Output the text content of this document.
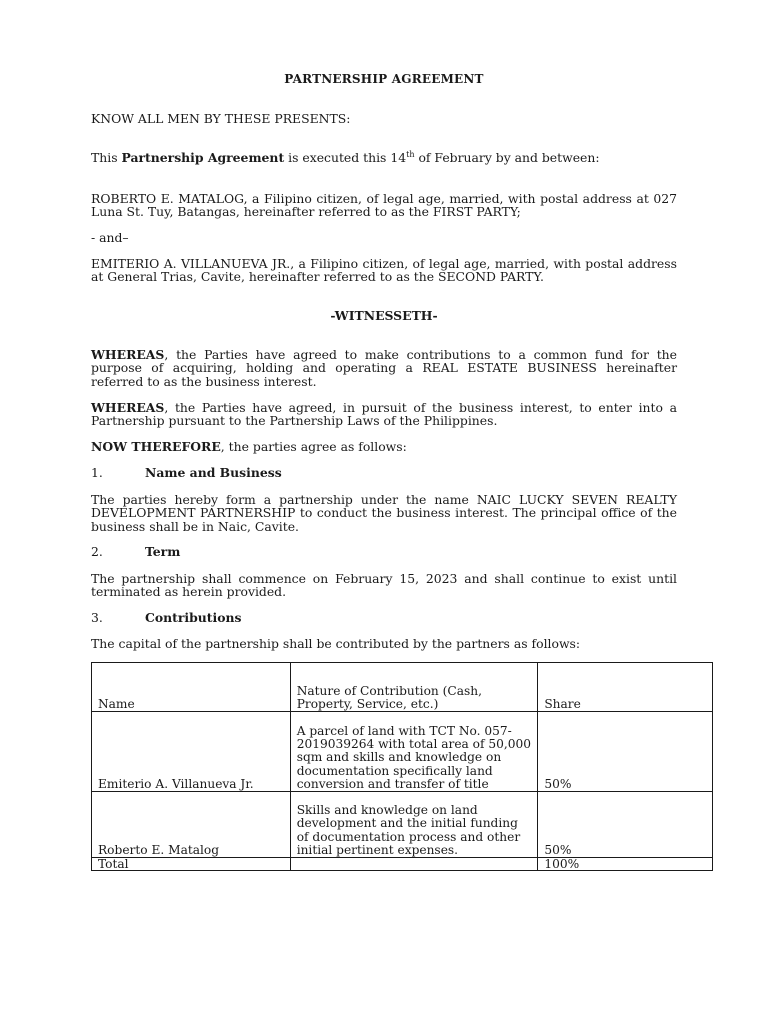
PARTNERSHIP AGREEMENT
KNOW ALL MEN BY THESE PRESENTS:
This Partnership Agreement is executed this 14th of February by and between:
ROBERTO E. MATALOG, a Filipino citizen, of legal age, married, with postal address at 027 Luna St. Tuy, Batangas, hereinafter referred to as the FIRST PARTY;
- and–
EMITERIO A. VILLANUEVA JR., a Filipino citizen, of legal age, married, with postal address at General Trias, Cavite, hereinafter referred to as the SECOND PARTY.
-WITNESSETH-
WHEREAS, the Parties have agreed to make contributions to a common fund for the purpose of acquiring, holding and operating a REAL ESTATE BUSINESS hereinafter referred to as the business interest.
WHEREAS, the Parties have agreed, in pursuit of the business interest, to enter into a Partnership pursuant to the Partnership Laws of the Philippines.
NOW THEREFORE, the parties agree as follows:
1.	Name and Business
The parties hereby form a partnership under the name NAIC LUCKY SEVEN REALTY DEVELOPMENT PARTNERSHIP to conduct the business interest. The principal office of the business shall be in Naic, Cavite.
2.	Term
The partnership shall commence on February 15, 2023 and shall continue to exist until terminated as herein provided.
3.	Contributions
The capital of the partnership shall be contributed by the partners as follows:
Name	Nature of Contribution (Cash, Property, Service, etc.)	Share
Emiterio A. Villanueva Jr.	A parcel of land with TCT No. 057-2019039264 with total area of 50,000 sqm and skills and knowledge on documentation specifically land conversion and transfer of title	50%
Roberto E. Matalog	Skills and knowledge on land development and the initial funding of documentation process and other initial pertinent expenses.	50%
Total		100%
